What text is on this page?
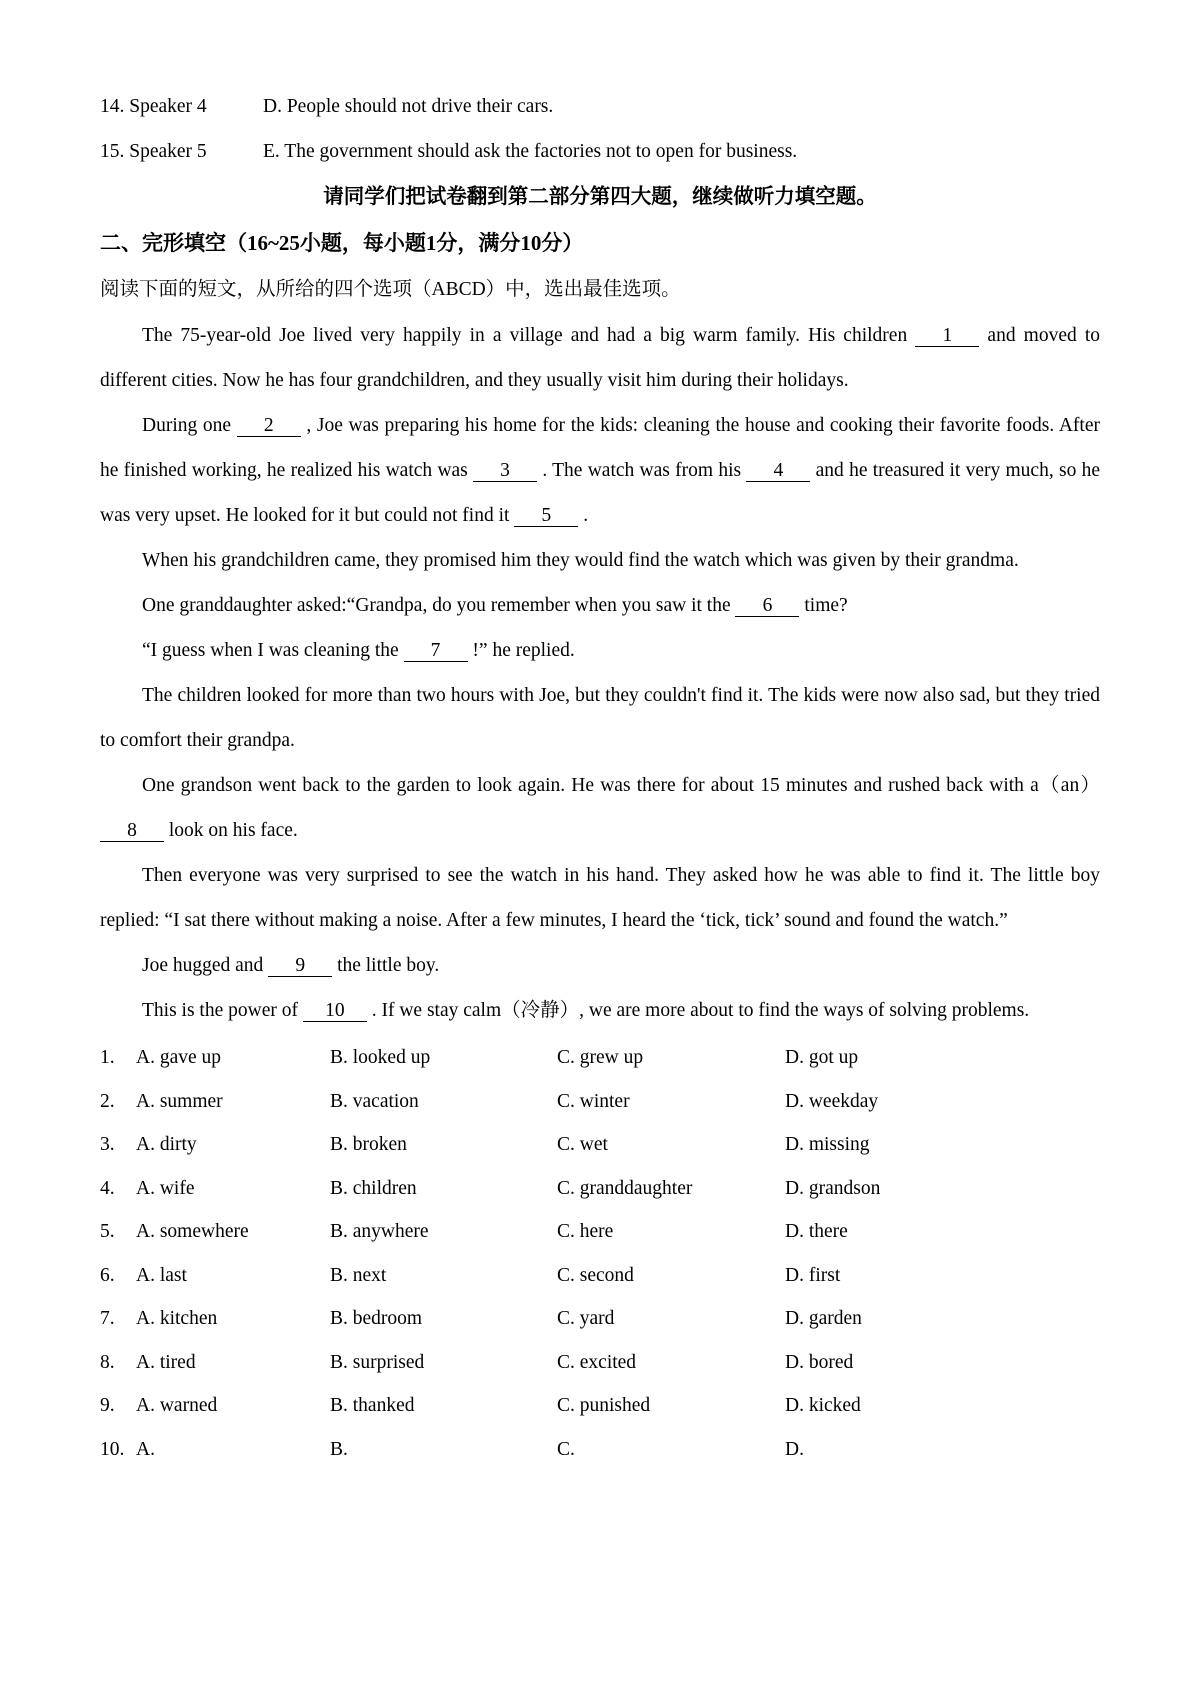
14. Speaker 4	D. People should not drive their cars.
15. Speaker 5	E. The government should ask the factories not to open for business.
请同学们把试卷翻到第二部分第四大题，继续做听力填空题。
二、完形填空（16~25小题，每小题1分，满分10分）
阅读下面的短文，从所给的四个选项（ABCD）中，选出最佳选项。

The 75-year-old Joe lived very happily in a village and had a big warm family. His children 1 and moved to different cities. Now he has four grandchildren, and they usually visit him during their holidays.

During one 2 , Joe was preparing his home for the kids: cleaning the house and cooking their favorite foods. After he finished working, he realized his watch was 3 . The watch was from his 4 and he treasured it very much, so he was very upset. He looked for it but could not find it 5 .

When his grandchildren came, they promised him they would find the watch which was given by their grandma.

One granddaughter asked:“Grandpa, do you remember when you saw it the 6 time?

“I guess when I was cleaning the 7 !” he replied.

The children looked for more than two hours with Joe, but they couldn't find it. The kids were now also sad, but they tried to comfort their grandpa.

One grandson went back to the garden to look again. He was there for about 15 minutes and rushed back with a（an） 8 look on his face.

Then everyone was very surprised to see the watch in his hand. They asked how he was able to find it. The little boy replied: “I sat there without making a noise. After a few minutes, I heard the ‘tick, tick’ sound and found the watch.”

Joe hugged and 9 the little boy.

This is the power of 10 . If we stay calm（冷静）, we are more about to find the ways of solving problems.

1.	A. gave up	B. looked up	C. grew up	D. got up
2.	A. summer	B. vacation	C. winter	D. weekday
3.	A. dirty	B. broken	C. wet	D. missing
4.	A. wife	B. children	C. granddaughter	D. grandson
5.	A. somewhere	B. anywhere	C. here	D. there
6.	A. last	B. next	C. second	D. first
7.	A. kitchen	B. bedroom	C. yard	D. garden
8.	A. tired	B. surprised	C. excited	D. bored
9.	A. warned	B. thanked	C. punished	D. kicked
10. A.	B.	C.	D.
